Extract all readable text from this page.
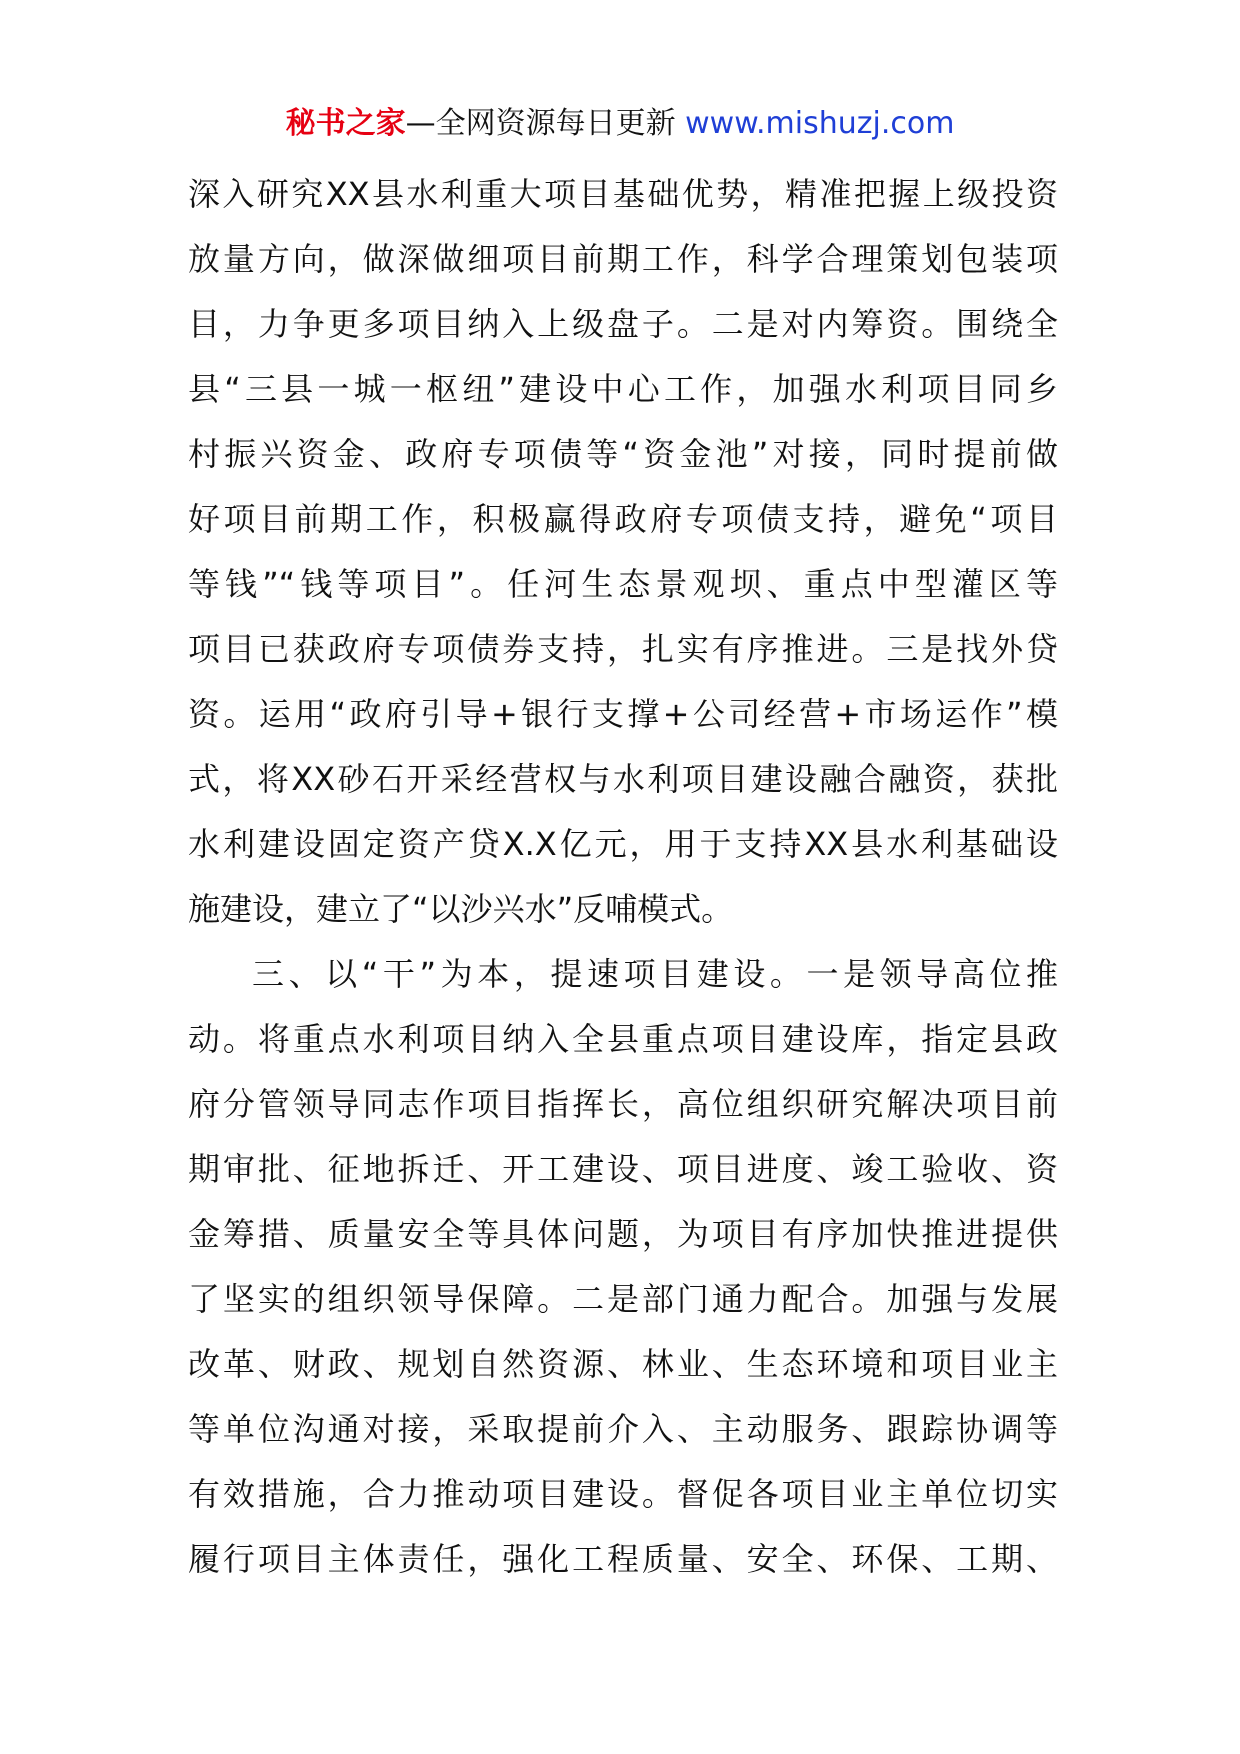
秘书之家—全网资源每日更新 www.mishuzj.com
深入研究XX县水利重大项目基础优势，精准把握上级投资
放量方向，做深做细项目前期工作，科学合理策划包装项
目，力争更多项目纳入上级盘子。二是对内筹资。围绕全
县“三县一城一枢纽”建设中心工作，加强水利项目同乡
村振兴资金、政府专项债等“资金池”对接，同时提前做
好项目前期工作，积极赢得政府专项债支持，避免“项目
等钱”“钱等项目”。任河生态景观坝、重点中型灌区等
项目已获政府专项债券支持，扎实有序推进。三是找外贷
资。运用“政府引导+银行支撑+公司经营+市场运作”模
式，将XX砂石开采经营权与水利项目建设融合融资，获批
水利建设固定资产贷X.X亿元，用于支持XX县水利基础设
施建设，建立了“以沙兴水”反哺模式。
三、以“干”为本，提速项目建设。一是领导高位推
动。将重点水利项目纳入全县重点项目建设库，指定县政
府分管领导同志作项目指挥长，高位组织研究解决项目前
期审批、征地拆迁、开工建设、项目进度、竣工验收、资
金筹措、质量安全等具体问题，为项目有序加快推进提供
了坚实的组织领导保障。二是部门通力配合。加强与发展
改革、财政、规划自然资源、林业、生态环境和项目业主
等单位沟通对接，采取提前介入、主动服务、跟踪协调等
有效措施，合力推动项目建设。督促各项目业主单位切实
履行项目主体责任，强化工程质量、安全、环保、工期、
